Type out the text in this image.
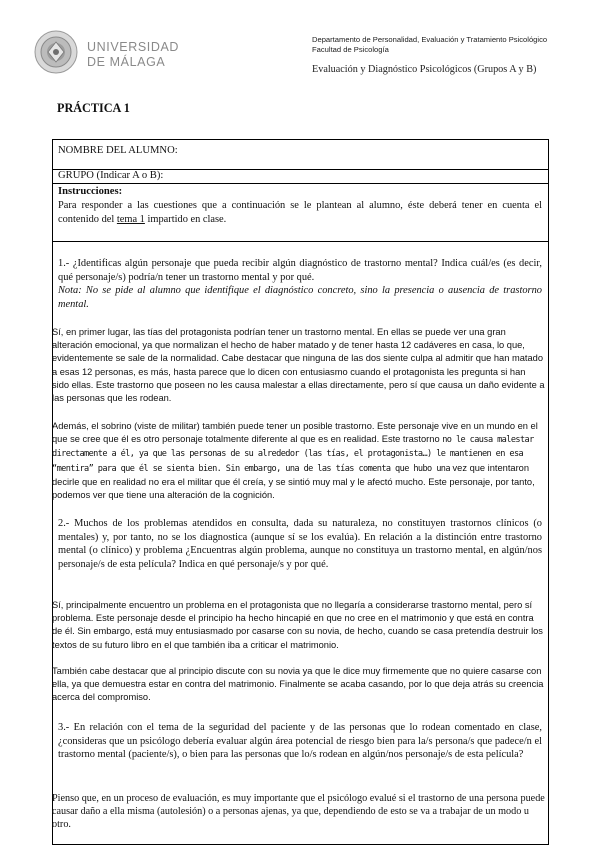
UNIVERSIDAD
DE MÁLAGA
Departamento de Personalidad, Evaluación y Tratamiento Psicológico
Facultad de Psicología
Evaluación y Diagnóstico Psicológicos (Grupos A y B)
PRÁCTICA 1
NOMBRE DEL ALUMNO:
GRUPO (Indicar A o B):
Instrucciones:
Para responder a las cuestiones que a continuación se le plantean al alumno, éste deberá tener en cuenta el contenido del tema 1 impartido en clase.
1.- ¿Identificas algún personaje que pueda recibir algún diagnóstico de trastorno mental? Indica cuál/es (es decir, qué personaje/s) podría/n tener un trastorno mental y por qué.
Nota: No se pide al alumno que identifique el diagnóstico concreto, sino la presencia o ausencia de trastorno mental.
Sí, en primer lugar, las tías del protagonista podrían tener un trastorno mental. En ellas se puede ver una gran alteración emocional, ya que normalizan el hecho de haber matado y de tener hasta 12 cadáveres en casa, lo que, evidentemente se sale de la normalidad. Cabe destacar que ninguna de las dos siente culpa al admitir que han matado a esas 12 personas, es más, hasta parece que lo dicen con entusiasmo cuando el protagonista les pregunta si han sido ellas. Este trastorno que poseen no les causa malestar a ellas directamente, pero sí que causa un daño evidente a las personas que les rodean.
Además, el sobrino (viste de militar) también puede tener un posible trastorno. Este personaje vive en un mundo en el que se cree que él es otro personaje totalmente diferente al que es en realidad. Este trastorno no le causa malestar directamente a él, ya que las personas de su alrededor (las tías, el protagonista…) le mantienen en esa “mentira” para que él se sienta bien. Sin embargo, una de las tías comenta que hubo una vez que intentaron decirle que en realidad no era el militar que él creía, y se sintió muy mal y le afectó mucho. Este personaje, por tanto, podemos ver que tiene una alteración de la cognición.
2.- Muchos de los problemas atendidos en consulta, dada su naturaleza, no constituyen trastornos clínicos (o mentales) y, por tanto, no se los diagnostica (aunque sí se los evalúa). En relación a la distinción entre trastorno mental (o clínico) y problema ¿Encuentras algún problema, aunque no constituya un trastorno mental, en algún/nos personaje/s de esta película? Indica en qué personaje/s y por qué.
Sí, principalmente encuentro un problema en el protagonista que no llegaría a considerarse trastorno mental, pero sí problema. Este personaje desde el principio ha hecho hincapié en que no cree en el matrimonio y que está en contra de él. Sin embargo, está muy entusiasmado por casarse con su novia, de hecho, cuando se casa pretendía destruir los textos de su futuro libro en el que también iba a criticar el matrimonio.
También cabe destacar que al principio discute con su novia ya que le dice muy firmemente que no quiere casarse con ella, ya que demuestra estar en contra del matrimonio. Finalmente se acaba casando, por lo que deja atrás su creencia acerca del compromiso.
3.- En relación con el tema de la seguridad del paciente y de las personas que lo rodean comentado en clase, ¿consideras que un psicólogo debería evaluar algún área potencial de riesgo bien para la/s persona/s que padece/n el trastorno mental (paciente/s), o bien para las personas que lo/s rodean en algún/nos personaje/s de esta película?
Pienso que, en un proceso de evaluación, es muy importante que el psicólogo evalué si el trastorno de una persona puede causar daño a ella misma (autolesión) o a personas ajenas, ya que, dependiendo de esto se va a trabajar de un modo u otro.
